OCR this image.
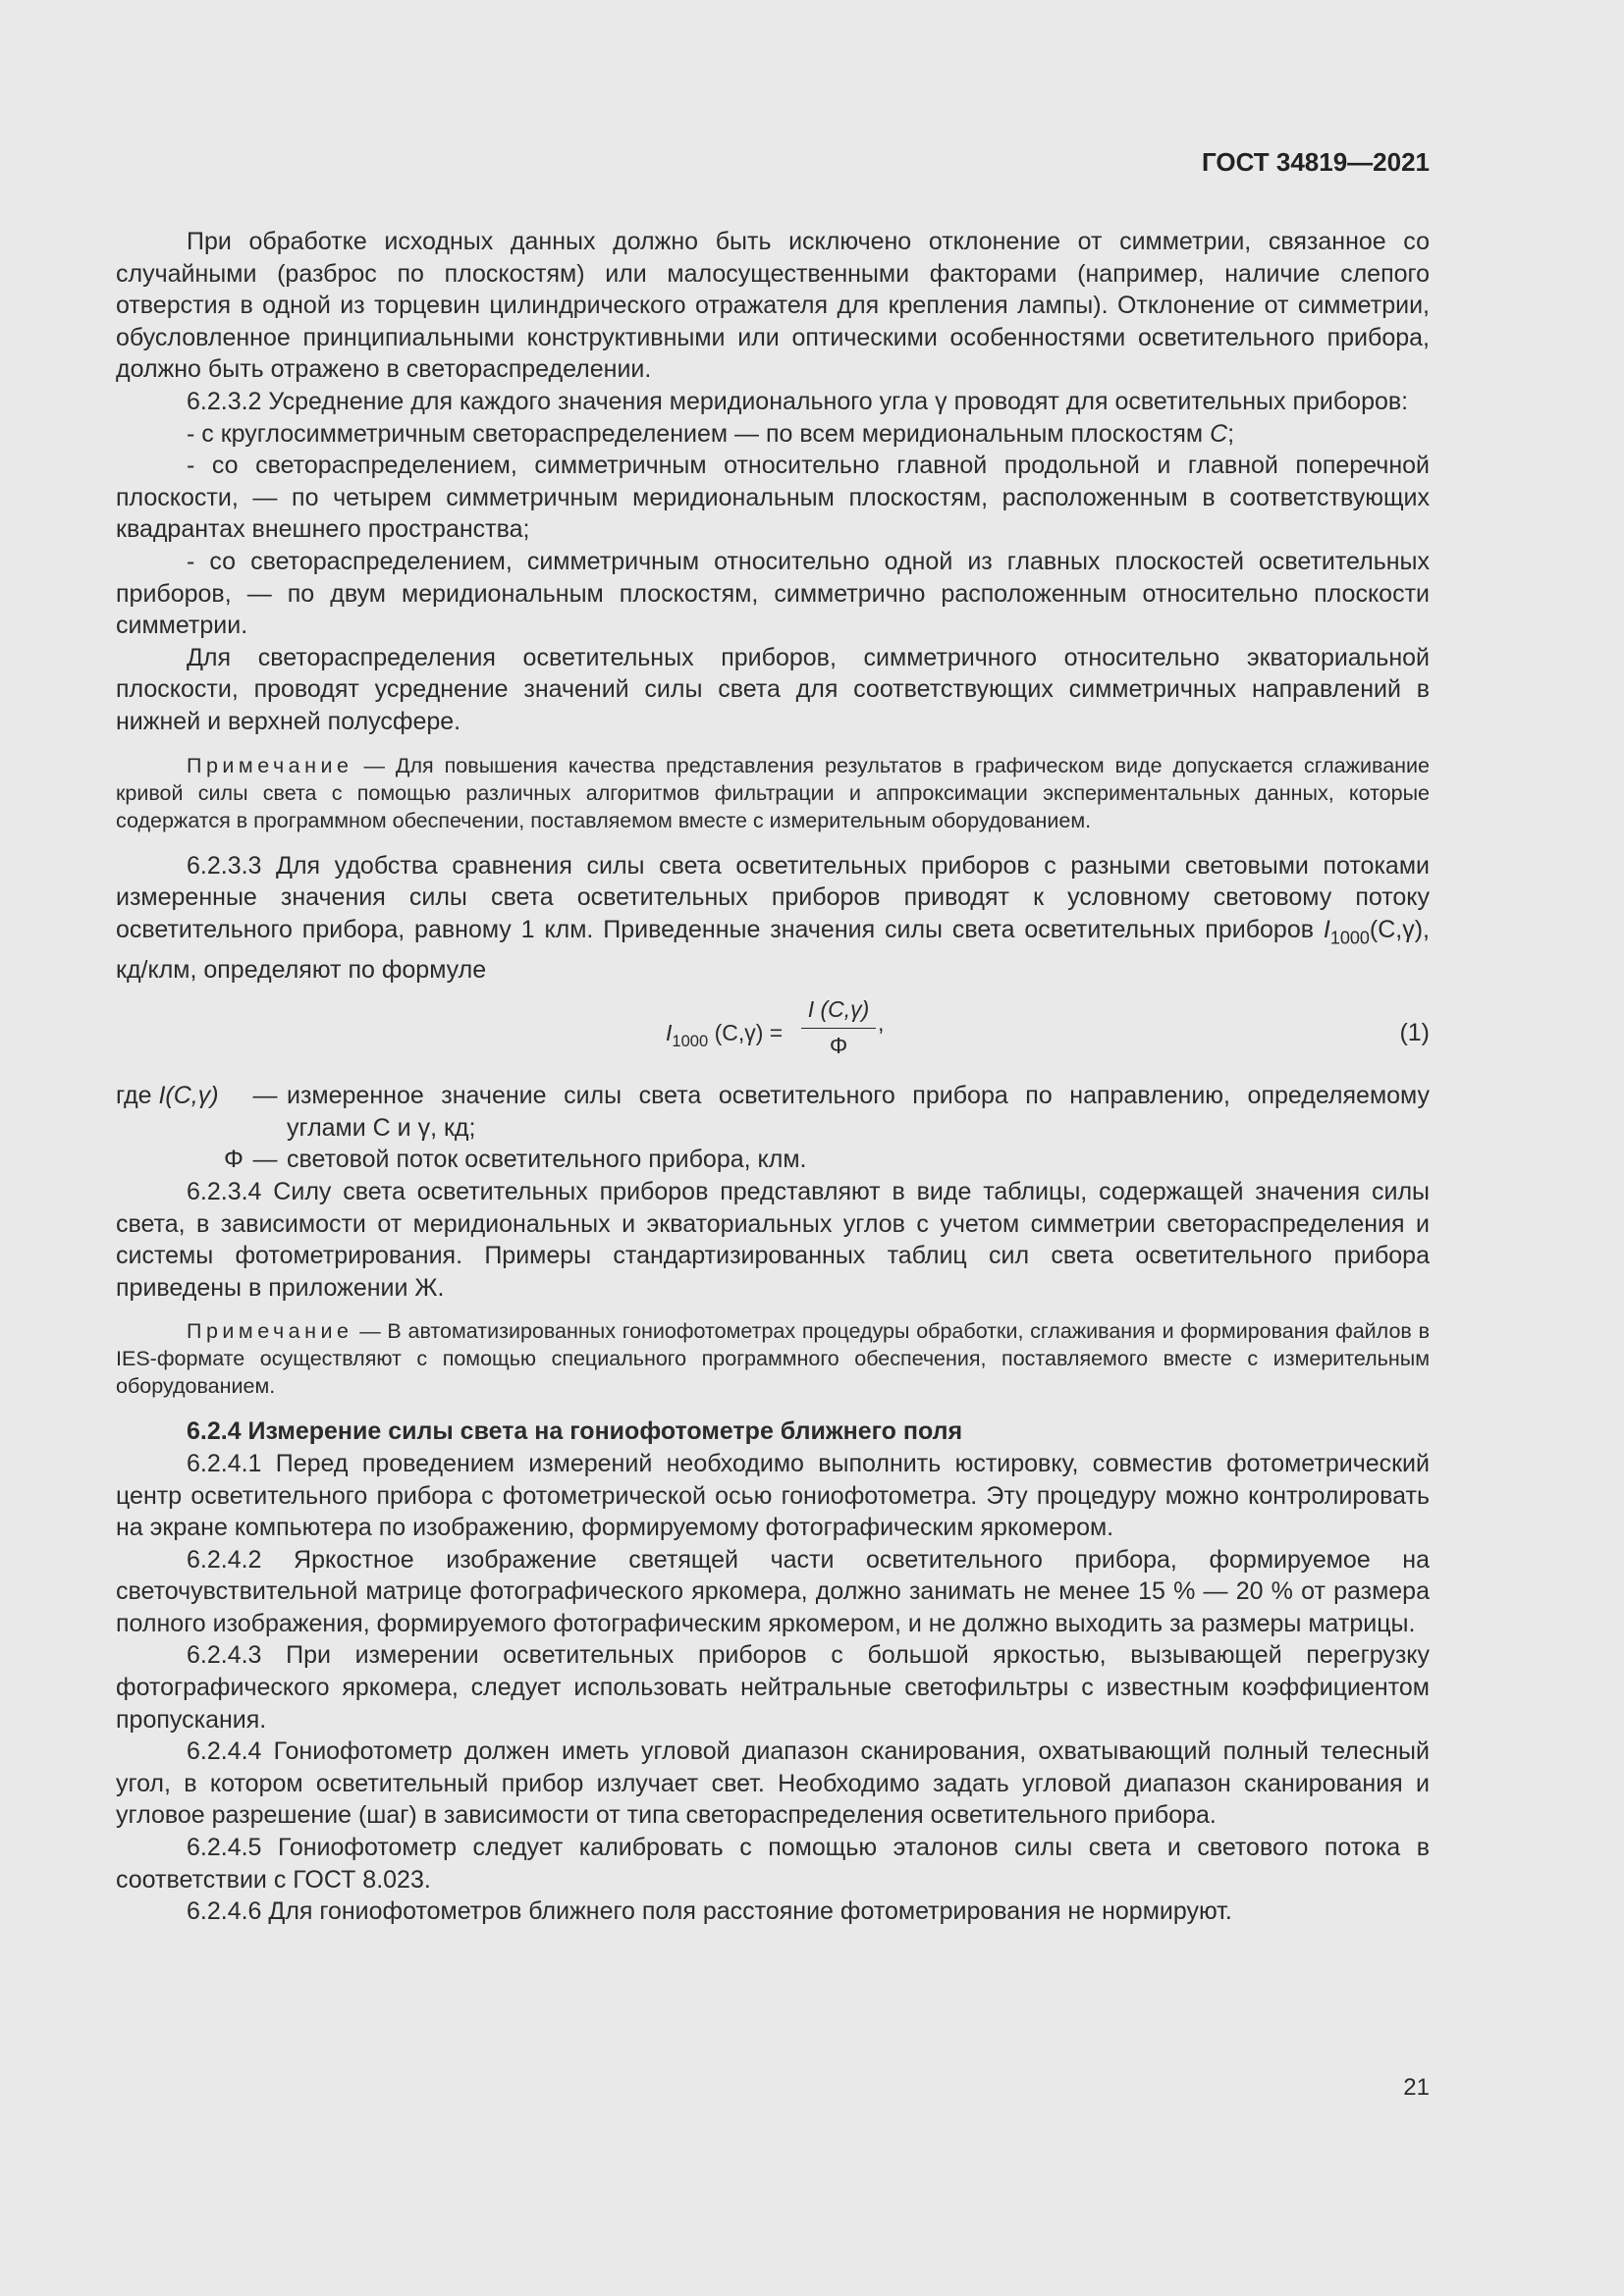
ГОСТ 34819—2021

При обработке исходных данных должно быть исключено отклонение от симметрии, связанное со случайными (разброс по плоскостям) или малосущественными факторами (например, наличие слепого отверстия в одной из торцевин цилиндрического отражателя для крепления лампы). Отклонение от симметрии, обусловленное принципиальными конструктивными или оптическими особенностями осветительного прибора, должно быть отражено в светораспределении.

6.2.3.2 Усреднение для каждого значения меридионального угла γ проводят для осветительных приборов:

- с круглосимметричным светораспределением — по всем меридиональным плоскостям C;

- со светораспределением, симметричным относительно главной продольной и главной поперечной плоскости, — по четырем симметричным меридиональным плоскостям, расположенным в соответствующих квадрантах внешнего пространства;

- со светораспределением, симметричным относительно одной из главных плоскостей осветительных приборов, — по двум меридиональным плоскостям, симметрично расположенным относительно плоскости симметрии.

Для светораспределения осветительных приборов, симметричного относительно экваториальной плоскости, проводят усреднение значений силы света для соответствующих симметричных направлений в нижней и верхней полусфере.

Примечание — Для повышения качества представления результатов в графическом виде допускается сглаживание кривой силы света с помощью различных алгоритмов фильтрации и аппроксимации экспериментальных данных, которые содержатся в программном обеспечении, поставляемом вместе с измерительным оборудованием.

6.2.3.3 Для удобства сравнения силы света осветительных приборов с разными световыми потоками измеренные значения силы света осветительных приборов приводят к условному световому потоку осветительного прибора, равному 1 клм. Приведенные значения силы света осветительных приборов $I_{1000}(C,\gamma)$, кд/клм, определяют по формуле

$I_{1000}$ $(C,\gamma) = \frac{I (C,\gamma)}{\Phi}$ ,	(1)
где I(C,γ)	— измеренное значение силы света осветительного прибора по направлению, определяемому углами C и γ, кд;
Φ — световой поток осветительного прибора, клм.

6.2.3.4 Силу света осветительных приборов представляют в виде таблицы, содержащей значения силы света, в зависимости от меридиональных и экваториальных углов с учетом симметрии светораспределения и системы фотометрирования. Примеры стандартизированных таблиц сил света осветительного прибора приведены в приложении Ж.

Примечание — В автоматизированных гониофотометрах процедуры обработки, сглаживания и формирования файлов в IES-формате осуществляют с помощью специального программного обеспечения, поставляемого вместе с измерительным оборудованием.

6.2.4 Измерение силы света на гониофотометре ближнего поля

6.2.4.1 Перед проведением измерений необходимо выполнить юстировку, совместив фотометрический центр осветительного прибора с фотометрической осью гониофотометра. Эту процедуру можно контролировать на экране компьютера по изображению, формируемому фотографическим яркомером.

6.2.4.2 Яркостное изображение светящей части осветительного прибора, формируемое на светочувствительной матрице фотографического яркомера, должно занимать не менее 15 % — 20 % от размера полного изображения, формируемого фотографическим яркомером, и не должно выходить за размеры матрицы.

6.2.4.3 При измерении осветительных приборов с большой яркостью, вызывающей перегрузку фотографического яркомера, следует использовать нейтральные светофильтры с известным коэффициентом пропускания.

6.2.4.4 Гониофотометр должен иметь угловой диапазон сканирования, охватывающий полный телесный угол, в котором осветительный прибор излучает свет. Необходимо задать угловой диапазон сканирования и угловое разрешение (шаг) в зависимости от типа светораспределения осветительного прибора.

6.2.4.5 Гониофотометр следует калибровать с помощью эталонов силы света и светового потока в соответствии с ГОСТ 8.023.

6.2.4.6 Для гониофотометров ближнего поля расстояние фотометрирования не нормируют.

21
